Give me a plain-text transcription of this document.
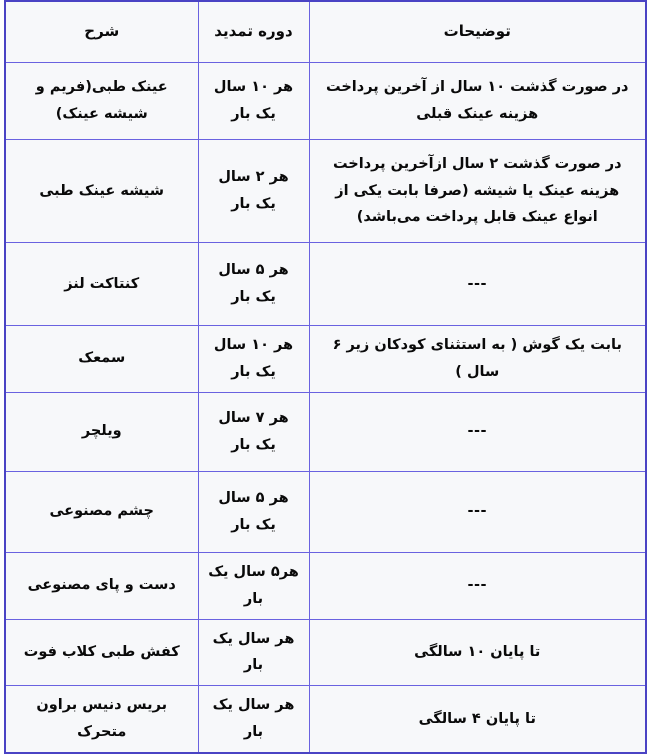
توضیحات	دوره تمدید	شرح
در صورت گذشت ۱۰ سال از آخرین پرداخت هزینه عینک قبلی	هر ۱۰ سال یک بار	عینک طبی(فریم و شیشه عینک)
در صورت گذشت ۲ سال ازآخرین پرداخت هزینه عینک یا شیشه (صرفا بابت یکی از انواع عینک قابل پرداخت می‌باشد)	هر ۲ سال یک بار	شیشه عینک طبی
---	هر ۵ سال یک بار	کنتاکت لنز
بابت یک گوش ( به استثنای کودکان زیر ۶ سال )	هر ۱۰ سال یک بار	سمعک
---	هر ۷ سال یک بار	ویلچر
---	هر ۵ سال یک بار	چشم مصنوعی
---	هر۵ سال یک بار	دست و پای مصنوعی
تا پایان ۱۰ سالگی	هر سال یک بار	کفش طبی کلاب فوت
تا پایان ۴ سالگی	هر سال یک بار	بریس دنیس براون متحرک
